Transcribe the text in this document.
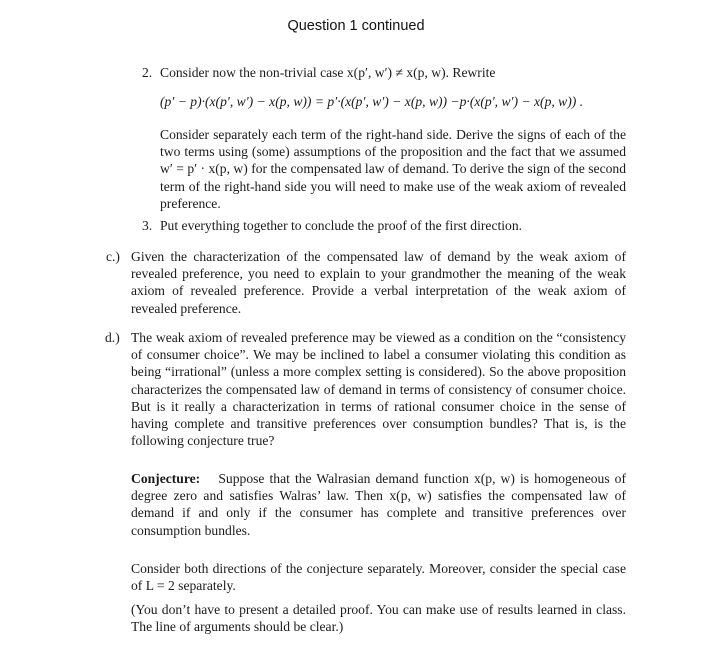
Question 1 continued
2. Consider now the non-trivial case x(p′, w′) ≠ x(p, w). Rewrite
(p′ − p)·(x(p′, w′) − x(p, w)) = p′·(x(p′, w′) − x(p, w)) −p·(x(p′, w′) − x(p, w)) .
Consider separately each term of the right-hand side. Derive the signs of each of the two terms using (some) assumptions of the proposition and the fact that we assumed w′ = p′ · x(p, w) for the compensated law of demand. To derive the sign of the second term of the right-hand side you will need to make use of the weak axiom of revealed preference.
3. Put everything together to conclude the proof of the first direction.
c.) Given the characterization of the compensated law of demand by the weak axiom of revealed preference, you need to explain to your grandmother the meaning of the weak axiom of revealed preference. Provide a verbal interpretation of the weak axiom of revealed preference.
d.) The weak axiom of revealed preference may be viewed as a condition on the “consistency of consumer choice”. We may be inclined to label a consumer violating this condition as being “irrational” (unless a more complex setting is considered). So the above proposition characterizes the compensated law of demand in terms of consistency of consumer choice. But is it really a characterization in terms of rational consumer choice in the sense of having complete and transitive preferences over consumption bundles? That is, is the following conjecture true?
Conjecture: Suppose that the Walrasian demand function x(p, w) is homogeneous of degree zero and satisfies Walras’ law. Then x(p, w) satisfies the compensated law of demand if and only if the consumer has complete and transitive preferences over consumption bundles.
Consider both directions of the conjecture separately. Moreover, consider the special case of L = 2 separately.
(You don’t have to present a detailed proof. You can make use of results learned in class. The line of arguments should be clear.)
